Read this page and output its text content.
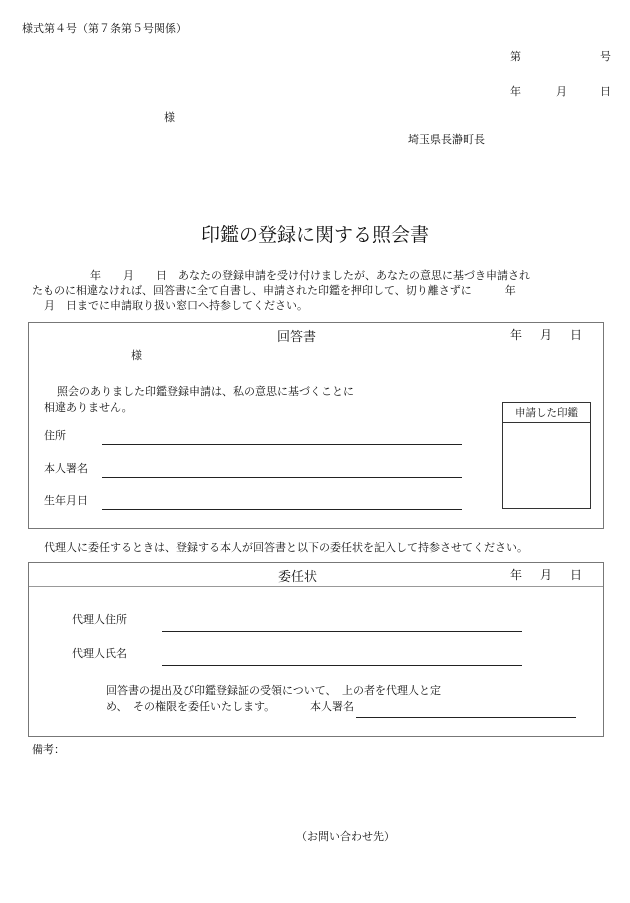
様式第４号（第７条第５号関係）
第	号
年	月	日
様
埼玉県長瀞町長
印鑑の登録に関する照会書
年　　月　　日　あなたの登録申請を受け付けましたが、あなたの意思に基づき申請され
たものに相違なければ、回答書に全て自書し、申請された印鑑を押印して、切り離さずに　　　年
月　日までに申請取り扱い窓口へ持参してください。
回答書	年 月 日
様
照会のありました印鑑登録申請は、私の意思に基づくことに
相違ありません。
住所
本人署名
生年月日
申請した印鑑
代理人に委任するときは、登録する本人が回答書と以下の委任状を記入して持参させてください。
委任状	年 月 日
代理人住所
代理人氏名
回答書の提出及び印鑑登録証の受領について、　上の者を代理人と定
め、　その権限を委任いたします。	本人署名
備考：
（お問い合わせ先）
